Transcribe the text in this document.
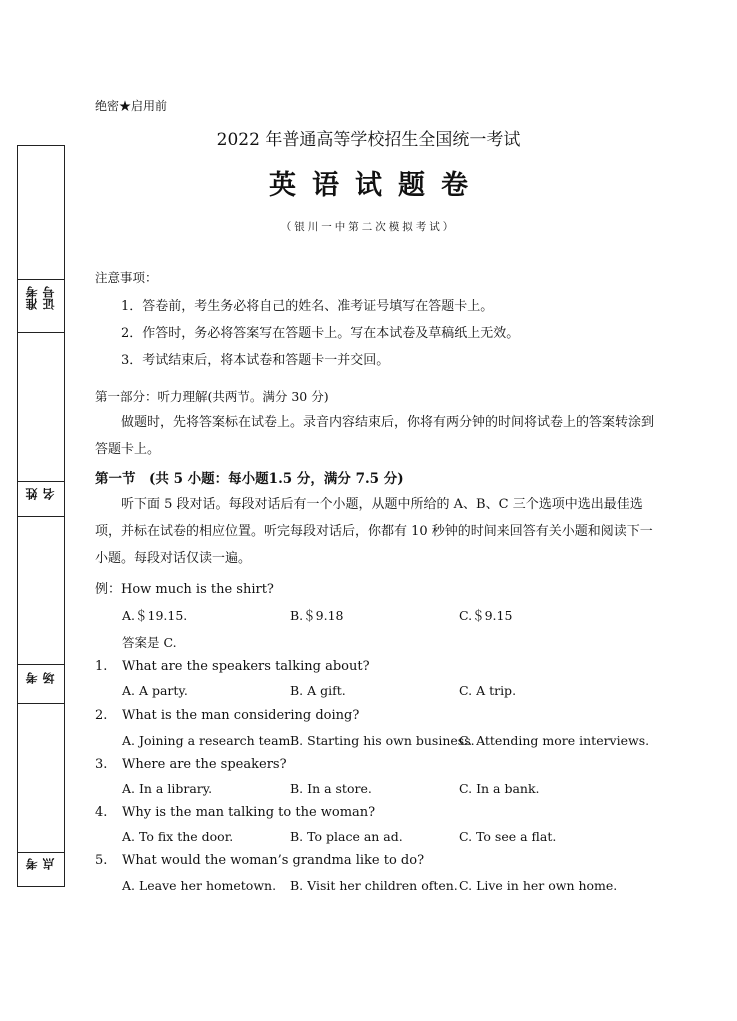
准考 证号
姓 名
考 场
考 点
绝密★启用前
2022 年普通高等学校招生全国统一考试
英语试题卷
（银川一中第二次模拟考试）
注意事项：
1．答卷前，考生务必将自己的姓名、准考证号填写在答题卡上。
2．作答时，务必将答案写在答题卡上。写在本试卷及草稿纸上无效。
3．考试结束后，将本试卷和答题卡一并交回。
第一部分：听力理解(共两节。满分 30 分)
做题时，先将答案标在试卷上。录音内容结束后，你将有两分钟的时间将试卷上的答案转涂到答题卡上。
第一节　(共 5 小题：每小题1.5 分，满分 7.5 分)
听下面 5 段对话。每段对话后有一个小题，从题中所给的 A、B、C 三个选项中选出最佳选项，并标在试卷的相应位置。听完每段对话后，你都有 10 秒钟的时间来回答有关小题和阅读下一小题。每段对话仅读一遍。
例：How much is the shirt?
A.＄19.15.	B.＄9.18	C.＄9.15
答案是 C.
1. What are the speakers talking about?
A. A party.	B. A gift.	C. A trip.
2. What is the man considering doing?
A. Joining a research team.
B. Starting his own business.
C. Attending more interviews.
3. Where are the speakers?
A. In a library.	B. In a store.	C. In a bank.
4. Why is the man talking to the woman?
A. To fix the door.	B. To place an ad.	C. To see a flat.
5. What would the woman’s grandma like to do?
A. Leave her hometown. B. Visit her children often. C. Live in her own home.
